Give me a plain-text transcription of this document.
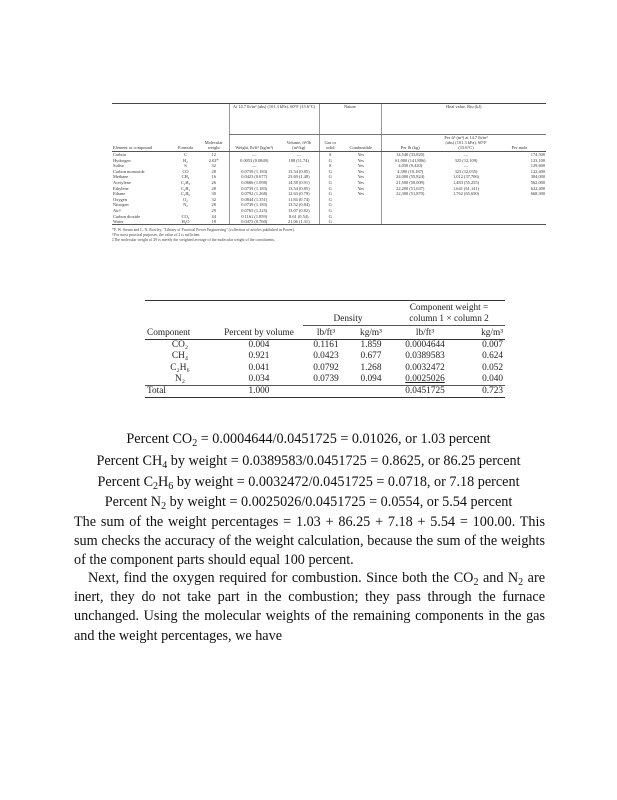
			At 14.7 lb/in² (abs) (101.3 kPa), 60°F (15.6°C)		Nature		Heat value, Btu (kJ)		
Element or compound	Formula	Molecular weight	Weight, lb/ft³ (kg/m³)	Volume, ft³/lb (m³/kg)	Gas or solid	Combustible	Per lb (kg)	Per ft³ (m³) at 14.7 lb/in² (abs) (101.3 kPa), 60°F (15.6°C)	Per mole
Carbon	C	12	—	—	S	Yes	14,540 (33,820)	—	174,500
Hydrogen	H₂	2.02*	0.0053 (0.0849)	188 (11.74)	G	Yes	61,000 (141,886)	325 (12,109)	123,100
Sulfur	S	32	—	—	S	Yes	4,050 (9,420)	—	129,600
Carbon monoxide	CO	28	0.0739 (1.183)	13.54 (0.85)	G	Yes	4,380 (10,187)	323 (12,035)	122,400
Methane	CH₄	16	0.0423 (0.677)	23.69 (1.48)	G	Yes	24,000 (55,824)	1,012 (37,706)	384,000
Acetylene	C₂H₂	26	0.0686 (1.098)	14.58 (0.91)	G	Yes	21,500 (50,009)	1,483 (55,255)	562,000
Ethylene	C₂H₄	28	0.0739 (1.183)	13.54 (0.85)	G	Yes	22,200 (51,637)	1,641 (61,141)	622,400
Ethane	C₂H₆	30	0.0792 (1.268)	12.63 (0.79)	G	Yes	22,300 (51,870)	1,762 (65,650)	668,300
Oxygen	O₂	32	0.0844 (1.351)	11.84 (0.74)	G				
Nitrogen	N₂	28	0.0739 (1.183)	13.52 (0.84)	G				
Air†		29	0.0765 (1.225)	13.07 (0.82)	G				
Carbon dioxide	CO₂	44	0.1161 (1.859)	8.61 (0.54)	G				
Water	H₂O	18	0.0475 (0.760)	21.06 (1.31)	G				
*F. W. Steam and L. N. Rowley, "Library of Practical Power Engineering" (collection of articles published in Power).
†For most practical purposes, the value of 2 is sufficient.
‡The molecular weight of 29 is merely the weighted average of the molecular weight of the constituents.
		Density		Component weight =
column 1 × column 2	

Component	Percent by volume	lb/ft³	kg/m³	lb/ft³	kg/m³
CO₂	0.004	0.1161	1.859	0.0004644	0.007
CH₄	0.921	0.0423	0.677	0.0389583	0.624
C₂H₆	0.041	0.0792	1.268	0.0032472	0.052
N₂	0.034	0.0739	0.094	0.0025026	0.040
Total	1.000			0.0451725	0.723
Percent $CO_2 = 0.0004644/0.0451725 = 0.01026$, or 1.03 percent
Percent $CH_4$ by weight = 0.0389583/0.0451725 = 0.8625, or 86.25 percent
Percent $C_2H_6$ by weight = 0.0032472/0.0451725 = 0.0718, or 7.18 percent
Percent $N_2$ by weight = 0.0025026/0.0451725 = 0.0554, or 5.54 percent
The sum of the weight percentages = 1.03 + 86.25 + 7.18 + 5.54 = 100.00. This sum checks the accuracy of the weight calculation, because the sum of the weights of the component parts should equal 100 percent.
Next, find the oxygen required for combustion. Since both the $CO_2$ and $N_2$ are inert, they do not take part in the combustion; they pass through the furnace unchanged. Using the molecular weights of the remaining components in the gas and the weight percentages, we have
